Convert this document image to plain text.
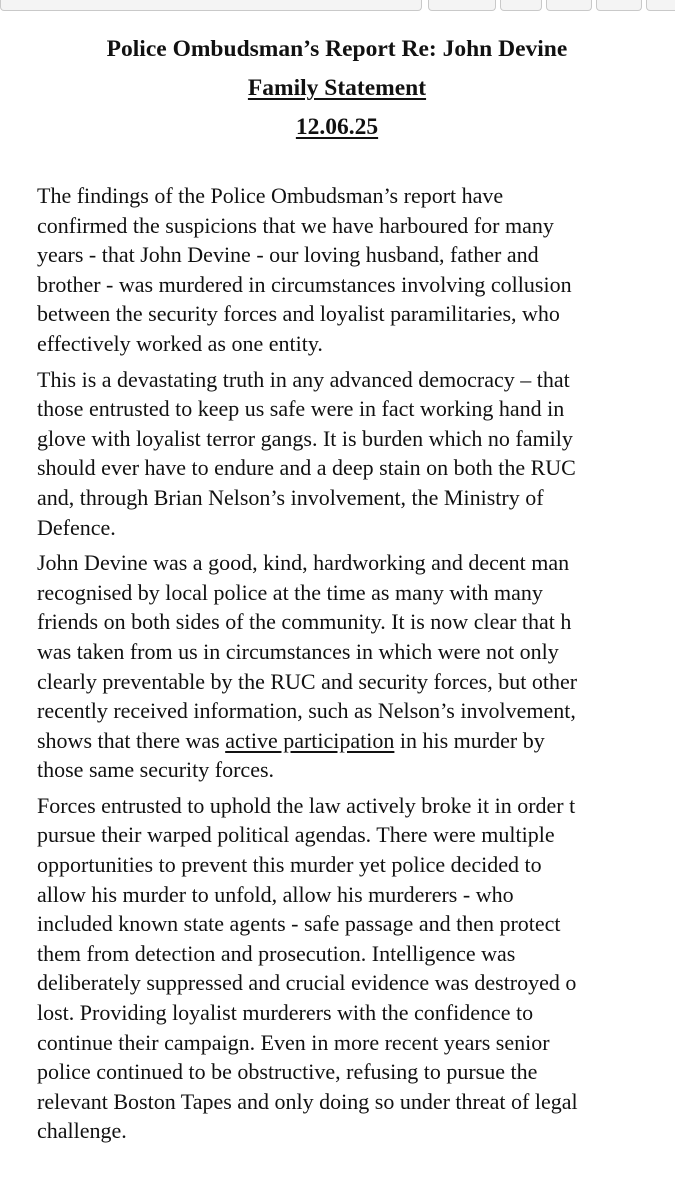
Police Ombudsman’s Report Re: John Devine
Family Statement
12.06.25
The findings of the Police Ombudsman’s report have
confirmed the suspicions that we have harboured for many
years - that John Devine - our loving husband, father and
brother - was murdered in circumstances involving collusion
between the security forces and loyalist paramilitaries, who
effectively worked as one entity.
This is a devastating truth in any advanced democracy – that
those entrusted to keep us safe were in fact working hand in
glove with loyalist terror gangs. It is burden which no family
should ever have to endure and a deep stain on both the RUC
and, through Brian Nelson’s involvement, the Ministry of
Defence.
John Devine was a good, kind, hardworking and decent man
recognised by local police at the time as many with many
friends on both sides of the community. It is now clear that h
was taken from us in circumstances in which were not only
clearly preventable by the RUC and security forces, but other
recently received information, such as Nelson’s involvement,
shows that there was active participation in his murder by
those same security forces.
Forces entrusted to uphold the law actively broke it in order t
pursue their warped political agendas. There were multiple
opportunities to prevent this murder yet police decided to
allow his murder to unfold, allow his murderers - who
included known state agents - safe passage and then protect
them from detection and prosecution. Intelligence was
deliberately suppressed and crucial evidence was destroyed o
lost. Providing loyalist murderers with the confidence to
continue their campaign. Even in more recent years senior
police continued to be obstructive, refusing to pursue the
relevant Boston Tapes and only doing so under threat of legal
challenge.
